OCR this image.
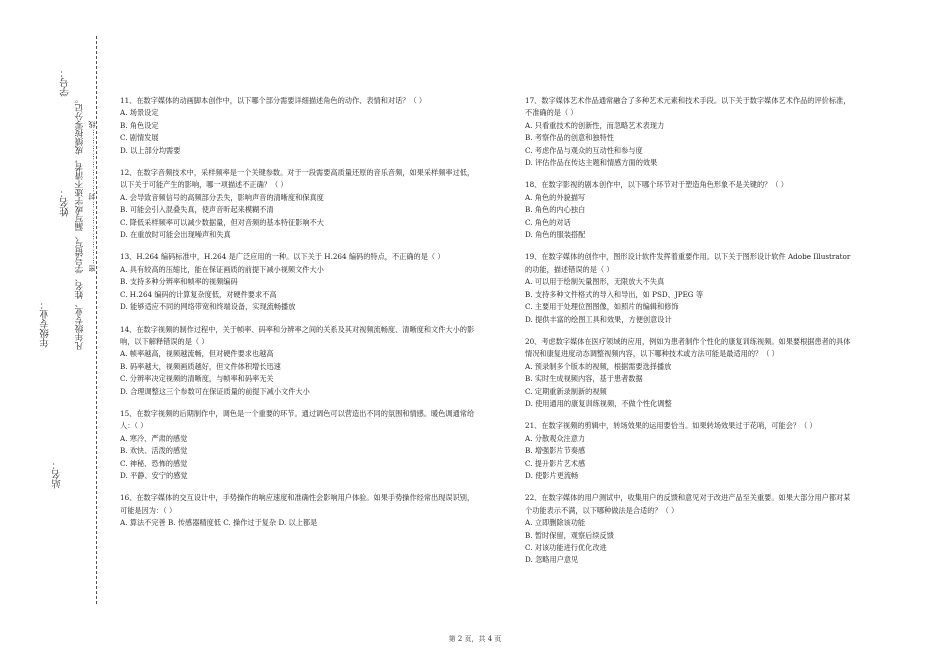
学号：
姓名：
年级专业：
站名：
凡年级专业、姓名、学号错写、漏写或字迹不清者，成绩按零分记。 密……………………封……………………线
11、在数字媒体的动画脚本创作中，以下哪个部分需要详细描述角色的动作、表情和对话？（ ）
A. 场景设定
B. 角色设定
C. 剧情发展
D. 以上部分均需要
12、在数字音频技术中，采样频率是一个关键参数。对于一段需要高质量还原的音乐音频，如果采样频率过低，以下关于可能产生的影响，哪一项描述不正确？（ ）
A. 会导致音频信号的高频部分丢失，影响声音的清晰度和保真度
B. 可能会引入混叠失真，使声音听起来模糊不清
C. 降低采样频率可以减少数据量，但对音频的基本特征影响不大
D. 在重放时可能会出现噪声和失真
13、H.264 编码标准中，H.264 是广泛应用的一种。以下关于 H.264 编码的特点，不正确的是（ ）
A. 具有较高的压缩比，能在保证画质的前提下减小视频文件大小
B. 支持多种分辨率和帧率的视频编码
C. H.264 编码的计算复杂度低，对硬件要求不高
D. 能够适应不同的网络带宽和终端设备，实现流畅播放
14、在数字视频的制作过程中，关于帧率、码率和分辨率之间的关系及其对视频流畅度、清晰度和文件大小的影响，以下解释错误的是（ ）
A. 帧率越高，视频越流畅，但对硬件要求也越高
B. 码率越大，视频画质越好，但文件体积增长迅速
C. 分辨率决定视频的清晰度，与帧率和码率无关
D. 合理调整这三个参数可在保证质量的前提下减小文件大小
15、在数字视频的后期制作中，调色是一个重要的环节。通过调色可以营造出不同的氛围和情感。暖色调通常给人：（ ）
A. 寒冷、严肃的感觉
B. 欢快、活泼的感觉
C. 神秘、恐怖的感觉
D. 平静、安宁的感觉
16、在数字媒体的交互设计中，手势操作的响应速度和准确性会影响用户体验。如果手势操作经常出现误识别，可能是因为：（ ）
A. 算法不完善 B. 传感器精度低 C. 操作过于复杂 D. 以上都是
17、数字媒体艺术作品通常融合了多种艺术元素和技术手段。以下关于数字媒体艺术作品的评价标准，不准确的是（ ）
A. 只看重技术的创新性，而忽略艺术表现力
B. 考察作品的创意和独特性
C. 考虑作品与观众的互动性和参与度
D. 评估作品在传达主题和情感方面的效果
18、在数字影视的剧本创作中，以下哪个环节对于塑造角色形象不是关键的？（ ）
A. 角色的外貌描写
B. 角色的内心独白
C. 角色的对话
D. 角色的服装搭配
19、在数字媒体的创作中，图形设计软件发挥着重要作用。以下关于图形设计软件 Adobe Illustrator 的功能，描述错误的是（ ）
A. 可以用于绘制矢量图形，无限放大不失真
B. 支持多种文件格式的导入和导出，如 PSD、JPEG 等
C. 主要用于处理位图图像，如照片的编辑和修饰
D. 提供丰富的绘图工具和效果，方便创意设计
20、考虑数字媒体在医疗领域的应用，例如为患者制作个性化的康复训练视频。如果要根据患者的具体情况和康复进度动态调整视频内容，以下哪种技术或方法可能是最适用的？（ ）
A. 预录制多个版本的视频，根据需要选择播放
B. 实时生成视频内容，基于患者数据
C. 定期重新录制新的视频
D. 使用通用的康复训练视频，不做个性化调整
21、在数字视频的剪辑中，转场效果的运用要恰当。如果转场效果过于花哨，可能会？（ ）
A. 分散观众注意力
B. 增强影片节奏感
C. 提升影片艺术感
D. 使影片更流畅
22、在数字媒体的用户测试中，收集用户的反馈和意见对于改进产品至关重要。如果大部分用户都对某个功能表示不满，以下哪种做法是合适的？（ ）
A. 立即删除该功能
B. 暂时保留，观察后续反馈
C. 对该功能进行优化改进
D. 忽略用户意见
第 2 页，共 4 页
